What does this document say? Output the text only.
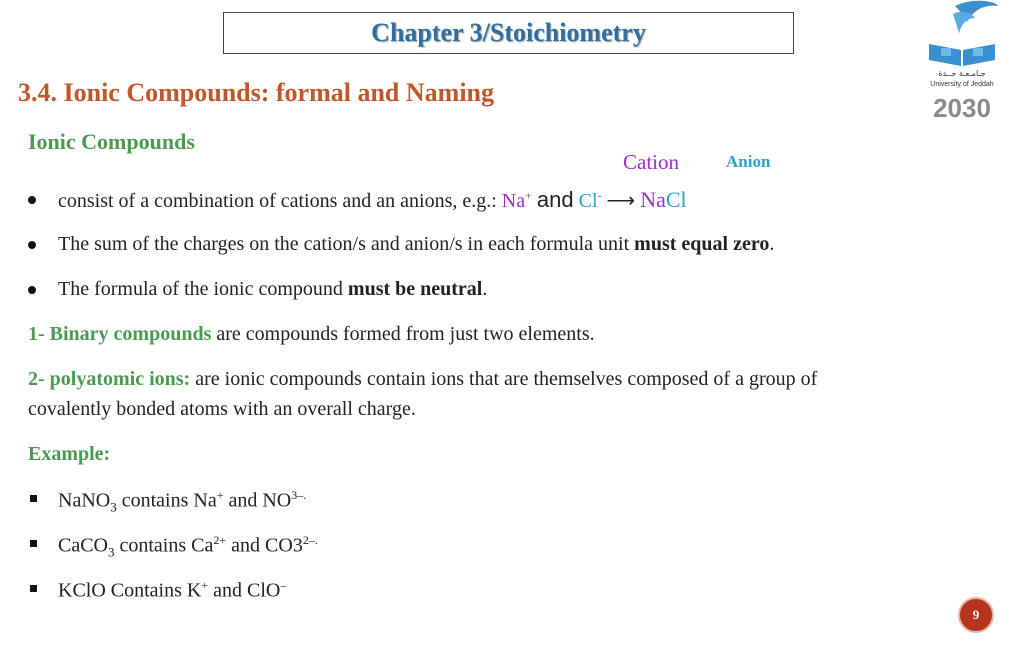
Chapter 3/Stoichiometry
3.4. Ionic Compounds: formal and Naming
جـامـعـة جــدة
University of Jeddah
2030
Ionic Compounds
Cation	Anion
consist of a combination of cations and an anions, e.g.: Na+ and Cl- ⟶ NaCl
The sum of the charges on the cation/s and anion/s in each formula unit must equal zero.
The formula of the ionic compound must be neutral.
1- Binary compounds are compounds formed from just two elements.
2- polyatomic ions: are ionic compounds contain ions that are themselves composed of a group of
covalently bonded atoms with an overall charge.
Example:
NaNO$_3$ contains Na+ and $NO^{3-.}$
CaCO$_3$ contains $Ca^{2+}$ and $CO3^{2-.}$
KClO Contains K+ and ClO–
9
